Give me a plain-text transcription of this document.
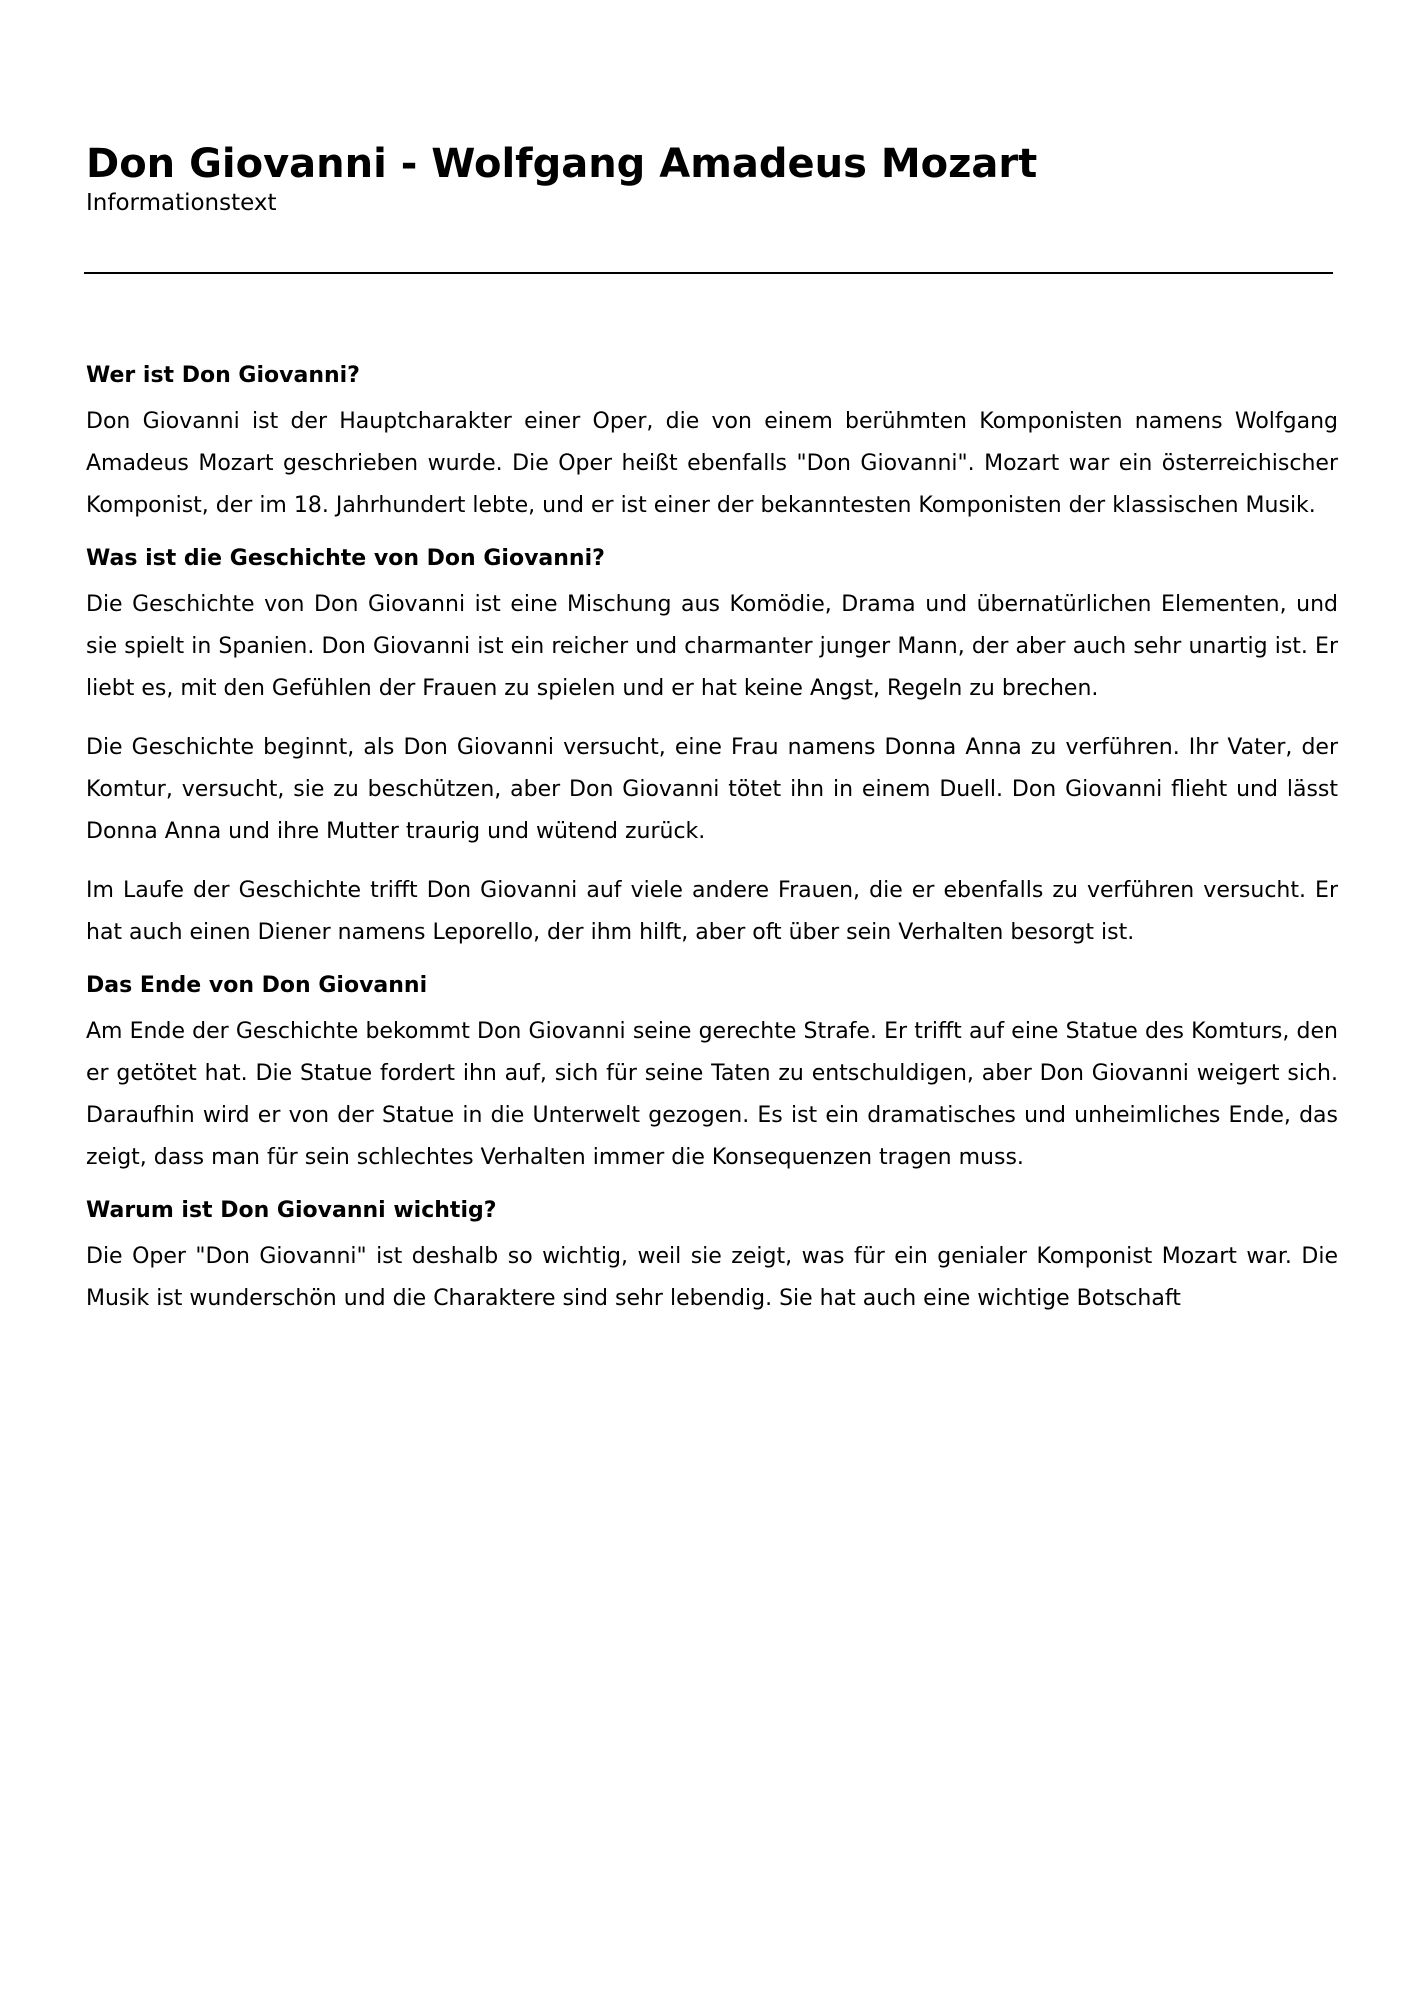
Don Giovanni - Wolfgang Amadeus Mozart

Informationstext

Wer ist Don Giovanni?

Don Giovanni ist der Hauptcharakter einer Oper, die von einem berühmten Komponisten namens Wolfgang Amadeus Mozart geschrieben wurde. Die Oper heißt ebenfalls "Don Giovanni". Mozart war ein österreichischer Komponist, der im 18. Jahrhundert lebte, und er ist einer der bekanntesten Komponisten der klassischen Musik.

Was ist die Geschichte von Don Giovanni?

Die Geschichte von Don Giovanni ist eine Mischung aus Komödie, Drama und übernatürlichen Elementen, und sie spielt in Spanien. Don Giovanni ist ein reicher und charmanter junger Mann, der aber auch sehr unartig ist. Er liebt es, mit den Gefühlen der Frauen zu spielen und er hat keine Angst, Regeln zu brechen.

Die Geschichte beginnt, als Don Giovanni versucht, eine Frau namens Donna Anna zu verführen. Ihr Vater, der Komtur, versucht, sie zu beschützen, aber Don Giovanni tötet ihn in einem Duell. Don Giovanni flieht und lässt Donna Anna und ihre Mutter traurig und wütend zurück.

Im Laufe der Geschichte trifft Don Giovanni auf viele andere Frauen, die er ebenfalls zu verführen versucht. Er hat auch einen Diener namens Leporello, der ihm hilft, aber oft über sein Verhalten besorgt ist.

Das Ende von Don Giovanni

Am Ende der Geschichte bekommt Don Giovanni seine gerechte Strafe. Er trifft auf eine Statue des Komturs, den er getötet hat. Die Statue fordert ihn auf, sich für seine Taten zu entschuldigen, aber Don Giovanni weigert sich. Daraufhin wird er von der Statue in die Unterwelt gezogen. Es ist ein dramatisches und unheimliches Ende, das zeigt, dass man für sein schlechtes Verhalten immer die Konsequenzen tragen muss.

Warum ist Don Giovanni wichtig?

Die Oper "Don Giovanni" ist deshalb so wichtig, weil sie zeigt, was für ein genialer Komponist Mozart war. Die Musik ist wunderschön und die Charaktere sind sehr lebendig. Sie hat auch eine wichtige Botschaft
